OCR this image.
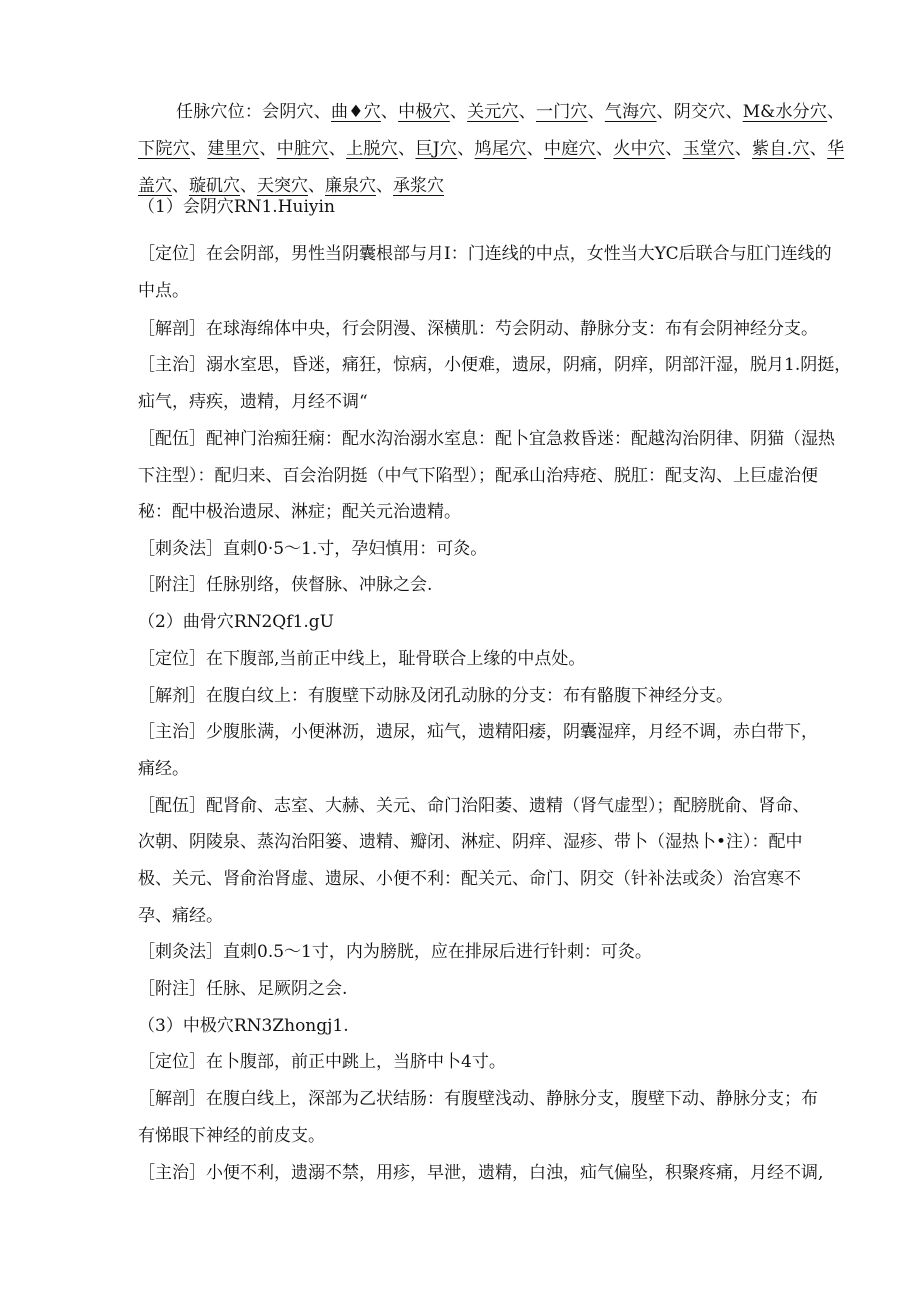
任脉穴位：会阴穴、曲♦穴、中极穴、关元穴、一门穴、气海穴、阴交穴、M&水分穴、下院穴、建里穴、中脏穴、上脱穴、巨J穴、鸠尾穴、中庭穴、火中穴、玉堂穴、紫自.穴、华盖穴、璇矶穴、天突穴、廉泉穴、承浆穴

（1）会阴穴RN1.Huiyin
［定位］在会阴部，男性当阴囊根部与月I：门连线的中点，女性当大YC后联合与肛门连线的
中点。
［解剖］在球海绵体中央，行会阴漫、深横肌：芍会阴动、静脉分支：布有会阴神经分支。
［主治］溺水室思，昏迷，痛狂，惊病，小便难，遗尿，阴痛，阴痒，阴部汗湿，脱月1.阴挺，
疝气，痔疾，遗精，月经不调“
［配伍］配神门治痴狂痫：配水沟治溺水室息：配卜宜急救昏迷：配越沟治阴律、阴猫（湿热
下注型）：配归来、百会治阴挺（中气下陷型）；配承山治痔疮、脱肛：配支沟、上巨虚治便
秘：配中极治遗尿、淋症；配关元治遗精。
［刺灸法］直刺0·5～1.寸，孕妇慎用：可灸。
［附注］任脉别络，侠督脉、冲脉之会.
（2）曲骨穴RN2Qf1.gU
［定位］在下腹部,当前正中线上，耻骨联合上缘的中点处。
［解剂］在腹白纹上：有腹壁下动脉及闭孔动脉的分支：布有骼腹下神经分支。
［主治］少腹胀满，小便淋沥，遗尿，疝气，遗精阳痿，阴囊湿痒，月经不调，赤白带下，
痛经。
［配伍］配肾俞、志室、大赫、关元、命门治阳萎、遗精（肾气虚型）；配膀胱俞、肾命、
次朝、阴陵泉、蒸沟治阳篓、遗精、瓣闭、淋症、阴痒、湿疹、带卜（湿热卜•注）：配中
极、关元、肾俞治肾虚、遗尿、小便不利：配关元、命门、阴交（针补法或灸）治宫寒不
孕、痛经。
［刺灸法］直刺0.5～1寸，内为膀胱，应在排尿后进行针刺：可灸。
［附注］任脉、足厥阴之会.
（3）中极穴RN3Zhongj1.
［定位］在卜腹部，前正中跳上，当脐中卜4寸。
［解剖］在腹白线上，深部为乙状结肠：有腹壁浅动、静脉分支，腹壁下动、静脉分支；布
有悌眼下神经的前皮支。
［主治］小便不利，遗溺不禁，用疹，早泄，遗精，白浊，疝气偏坠，积聚疼痛，月经不调,
